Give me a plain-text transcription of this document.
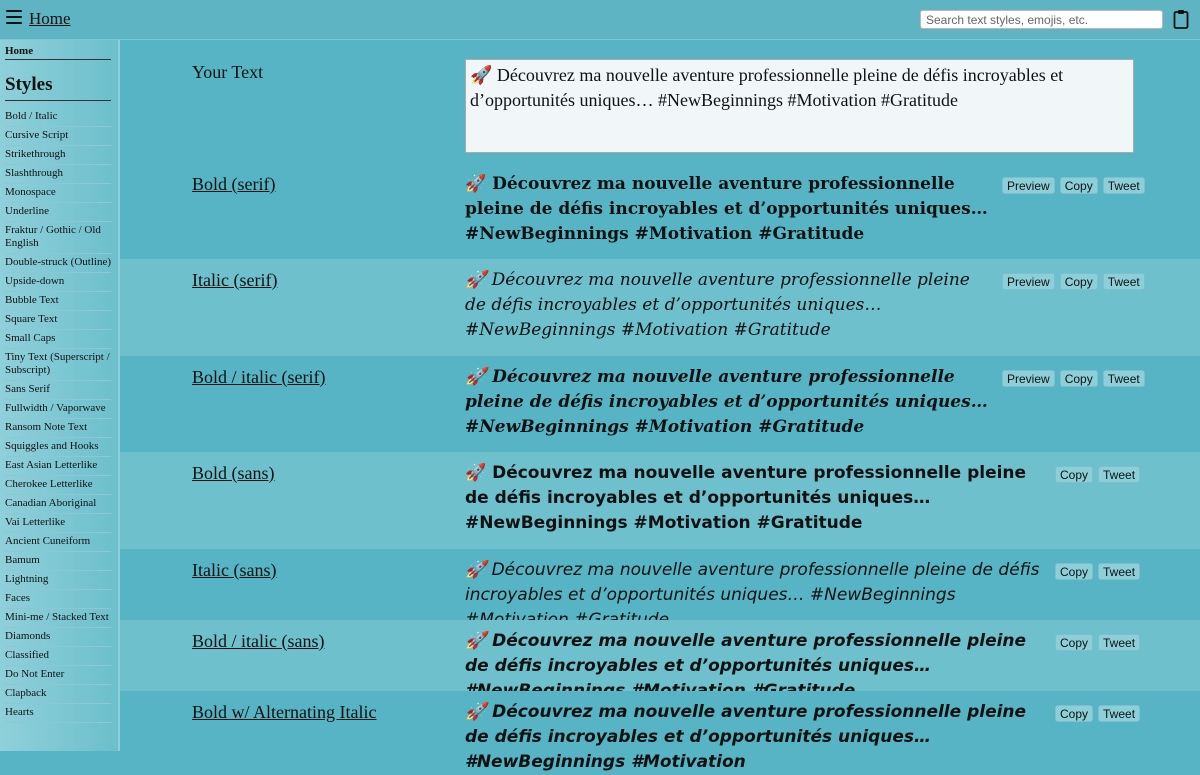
Home
Search text styles, emojis, etc.
Home
Styles
Bold / Italic
Cursive Script
Strikethrough
Slashthrough
Monospace
Underline
Fraktur / Gothic / Old English
Double-struck (Outline)
Upside-down
Bubble Text
Square Text
Small Caps
Tiny Text (Superscript / Subscript)
Sans Serif
Fullwidth / Vaporwave
Ransom Note Text
Squiggles and Hooks
East Asian Letterlike
Cherokee Letterlike
Canadian Aboriginal
Vai Letterlike
Ancient Cuneiform
Bamum
Lightning
Faces
Mini-me / Stacked Text
Diamonds
Classified
Do Not Enter
Clapback
Hearts
Your Text
🚀 Découvrez ma nouvelle aventure professionnelle pleine de défis incroyables et d’opportunités uniques… #NewBeginnings #Motivation #Gratitude
Bold (serif)	🚀 Découvrez ma nouvelle aventure professionnelle pleine de défis incroyables et d’opportunités uniques… #NewBeginnings #Motivation #Gratitude
Preview	Copy	Tweet
Italic (serif)	🚀 Découvrez ma nouvelle aventure professionnelle pleine de défis incroyables et d’opportunités uniques… #NewBeginnings #Motivation #Gratitude
Preview	Copy	Tweet
Bold / italic (serif)	🚀 Découvrez ma nouvelle aventure professionnelle pleine de défis incroyables et d’opportunités uniques… #NewBeginnings #Motivation #Gratitude
Preview	Copy	Tweet
Bold (sans)	🚀 Découvrez ma nouvelle aventure professionnelle pleine de défis incroyables et d’opportunités uniques… #NewBeginnings #Motivation #Gratitude
Copy	Tweet
Italic (sans)	🚀 Découvrez ma nouvelle aventure professionnelle pleine de défis incroyables et d’opportunités uniques… #NewBeginnings
Copy	Tweet
Bold / italic (sans)	🚀 Découvrez ma nouvelle aventure professionnelle pleine de défis incroyables et d’opportunités uniques…
Copy	Tweet
Bold w/ Alternating Italic	🚀 Découvrez ma nouvelle aventure professionnelle pleine de défis incroyables et d’opportunités uniques… #NewBeginnings #Motivation
Copy	Tweet
